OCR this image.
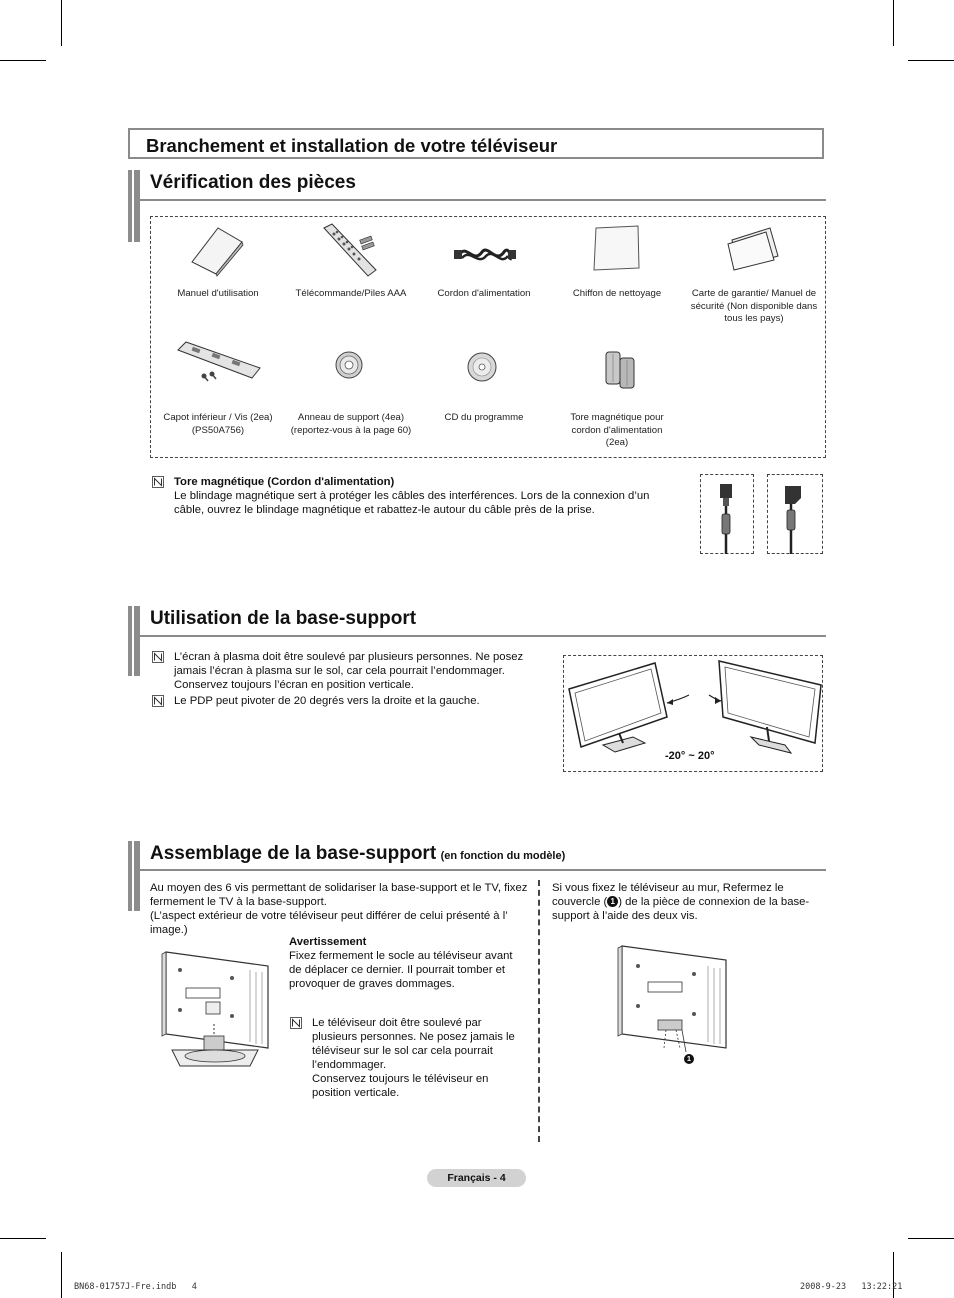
Branchement et installation de votre téléviseur
Vérification des pièces
Manuel d'utilisation	Télécommande/Piles AAA	Cordon d'alimentation	Chiffon de nettoyage	Carte de garantie/ Manuel de sécurité (Non disponible dans tous les pays)
Capot inférieur / Vis (2ea) (PS50A756)
Anneau de support (4ea) (reportez-vous à la page 60)
CD du programme	Tore magnétique pour cordon d'alimentation (2ea)
Tore magnétique (Cordon d'alimentation)
Le blindage magnétique sert à protéger les câbles des interférences. Lors de la connexion d’un câble, ouvrez le blindage magnétique et rabattez-le autour du câble près de la prise.
Utilisation de la base-support
L’écran à plasma doit être soulevé par plusieurs personnes. Ne posez jamais l’écran à plasma sur le sol, car cela pourrait l’endommager. Conservez toujours l’écran en position verticale.
Le PDP peut pivoter de 20 degrés vers la droite et la gauche.
-20° ~ 20°
Assemblage de la base-support (en fonction du modèle)
Au moyen des 6 vis permettant de solidariser la base-support et le TV, fixez fermement le TV à la base-support.
(L’aspect extérieur de votre téléviseur peut différer de celui présenté à l’ image.)
Avertissement
Fixez fermement le socle au téléviseur avant de déplacer ce dernier. Il pourrait tomber et provoquer de graves dommages.
Le téléviseur doit être soulevé par plusieurs personnes. Ne posez jamais le téléviseur sur le sol car cela pourrait l’endommager.
Conservez toujours le téléviseur en position verticale.
Si vous fixez le téléviseur au mur, Refermez le couvercle ( 1 ) de la pièce de connexion de la base-support à l’aide des deux vis.
1
Français - 4
BN68-01757J-Fre.indb   4	2008-9-23   13:22:21
